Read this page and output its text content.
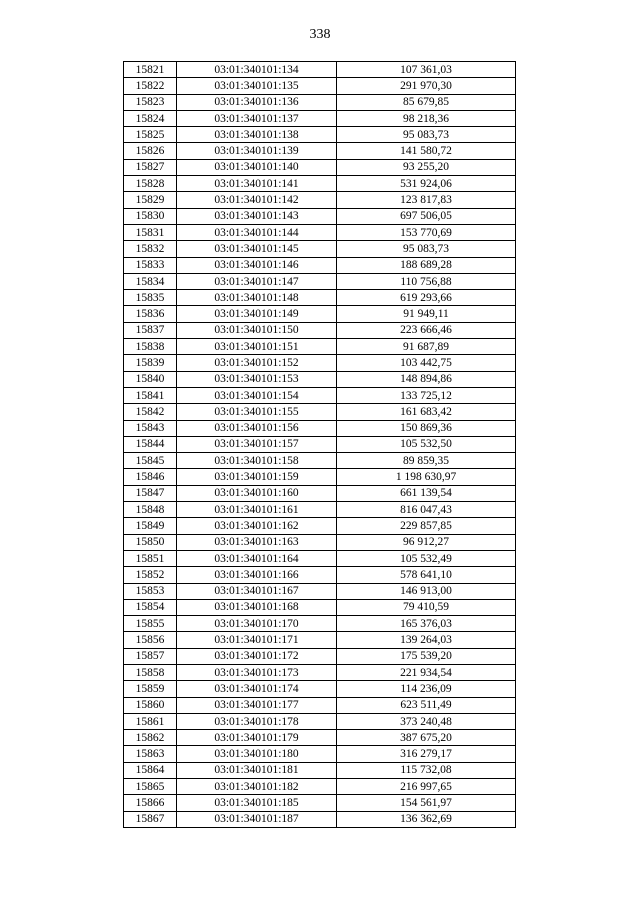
338
15821	03:01:340101:134	107 361,03
15822	03:01:340101:135	291 970,30
15823	03:01:340101:136	85 679,85
15824	03:01:340101:137	98 218,36
15825	03:01:340101:138	95 083,73
15826	03:01:340101:139	141 580,72
15827	03:01:340101:140	93 255,20
15828	03:01:340101:141	531 924,06
15829	03:01:340101:142	123 817,83
15830	03:01:340101:143	697 506,05
15831	03:01:340101:144	153 770,69
15832	03:01:340101:145	95 083,73
15833	03:01:340101:146	188 689,28
15834	03:01:340101:147	110 756,88
15835	03:01:340101:148	619 293,66
15836	03:01:340101:149	91 949,11
15837	03:01:340101:150	223 666,46
15838	03:01:340101:151	91 687,89
15839	03:01:340101:152	103 442,75
15840	03:01:340101:153	148 894,86
15841	03:01:340101:154	133 725,12
15842	03:01:340101:155	161 683,42
15843	03:01:340101:156	150 869,36
15844	03:01:340101:157	105 532,50
15845	03:01:340101:158	89 859,35
15846	03:01:340101:159	1 198 630,97
15847	03:01:340101:160	661 139,54
15848	03:01:340101:161	816 047,43
15849	03:01:340101:162	229 857,85
15850	03:01:340101:163	96 912,27
15851	03:01:340101:164	105 532,49
15852	03:01:340101:166	578 641,10
15853	03:01:340101:167	146 913,00
15854	03:01:340101:168	79 410,59
15855	03:01:340101:170	165 376,03
15856	03:01:340101:171	139 264,03
15857	03:01:340101:172	175 539,20
15858	03:01:340101:173	221 934,54
15859	03:01:340101:174	114 236,09
15860	03:01:340101:177	623 511,49
15861	03:01:340101:178	373 240,48
15862	03:01:340101:179	387 675,20
15863	03:01:340101:180	316 279,17
15864	03:01:340101:181	115 732,08
15865	03:01:340101:182	216 997,65
15866	03:01:340101:185	154 561,97
15867	03:01:340101:187	136 362,69
